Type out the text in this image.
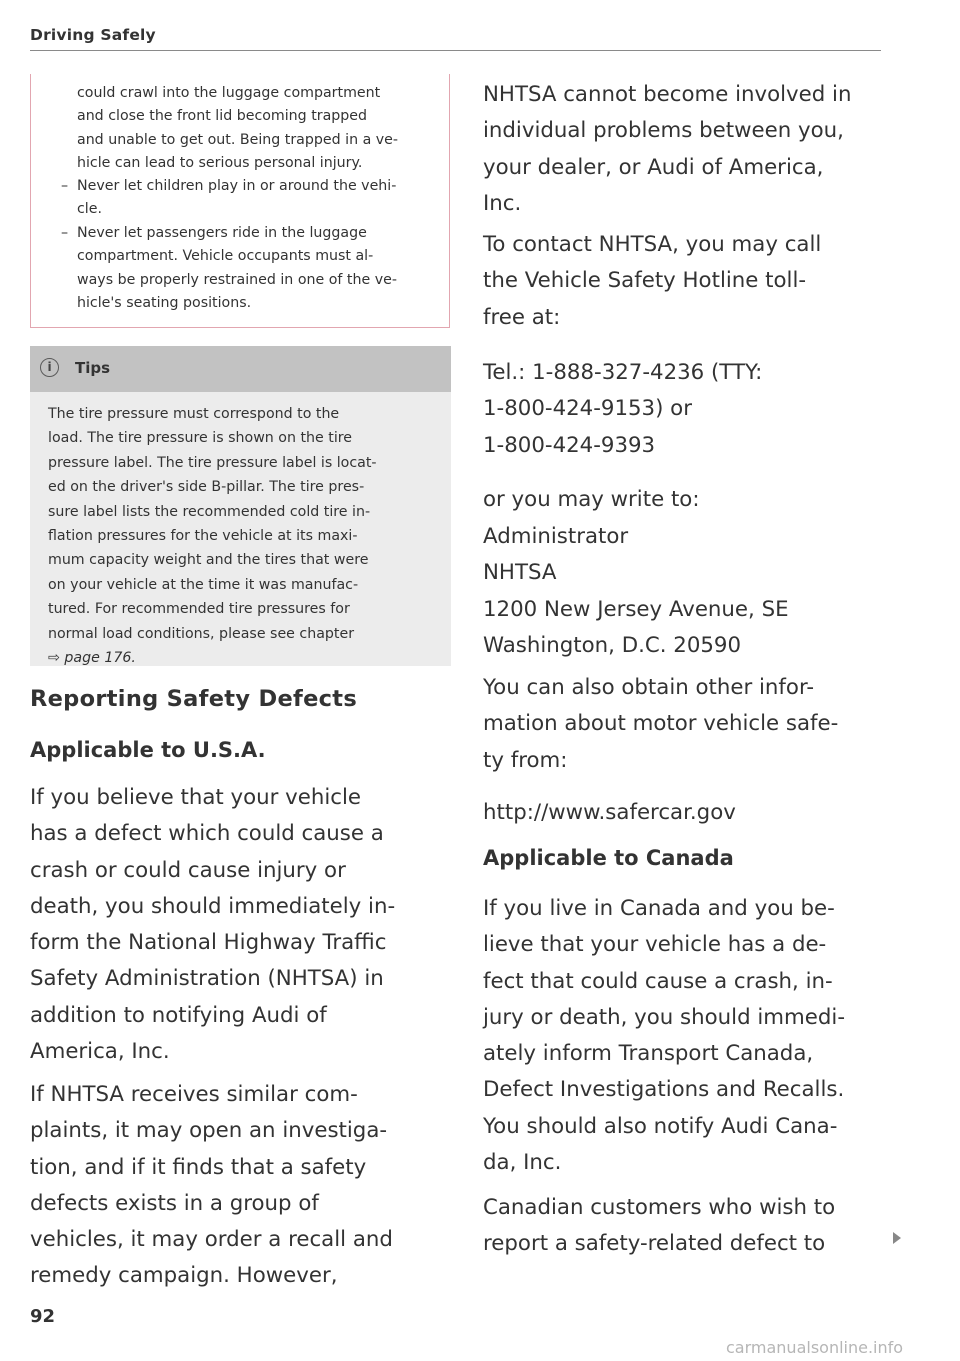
Driving Safely
could crawl into the luggage compartment
and close the front lid becoming trapped
and unable to get out. Being trapped in a ve-
hicle can lead to serious personal injury.
– Never let children play in or around the vehi-
cle.
– Never let passengers ride in the luggage
compartment. Vehicle occupants must al-
ways be properly restrained in one of the ve-
hicle's seating positions.
i	Tips
The tire pressure must correspond to the
load. The tire pressure is shown on the tire
pressure label. The tire pressure label is locat-
ed on the driver's side B-pillar. The tire pres-
sure label lists the recommended cold tire in-
flation pressures for the vehicle at its maxi-
mum capacity weight and the tires that were
on your vehicle at the time it was manufac-
tured. For recommended tire pressures for
normal load conditions, please see chapter
⇨ page 176.
Reporting Safety Defects
Applicable to U.S.A.
If you believe that your vehicle
has a defect which could cause a
crash or could cause injury or
death, you should immediately in-
form the National Highway Traffic
Safety Administration (NHTSA) in
addition to notifying Audi of
America, Inc.
If NHTSA receives similar com-
plaints, it may open an investiga-
tion, and if it finds that a safety
defects exists in a group of
vehicles, it may order a recall and
remedy campaign. However,
NHTSA cannot become involved in
individual problems between you,
your dealer, or Audi of America,
Inc.
To contact NHTSA, you may call
the Vehicle Safety Hotline toll-
free at:
Tel.: 1-888-327-4236 (TTY:
1-800-424-9153) or
1-800-424-9393
or you may write to:
Administrator
NHTSA
1200 New Jersey Avenue, SE
Washington, D.C. 20590
You can also obtain other infor-
mation about motor vehicle safe-
ty from:
http://www.safercar.gov
Applicable to Canada
If you live in Canada and you be-
lieve that your vehicle has a de-
fect that could cause a crash, in-
jury or death, you should immedi-
ately inform Transport Canada,
Defect Investigations and Recalls.
You should also notify Audi Cana-
da, Inc.
Canadian customers who wish to
report a safety-related defect to
92
carmanualsonline.info
